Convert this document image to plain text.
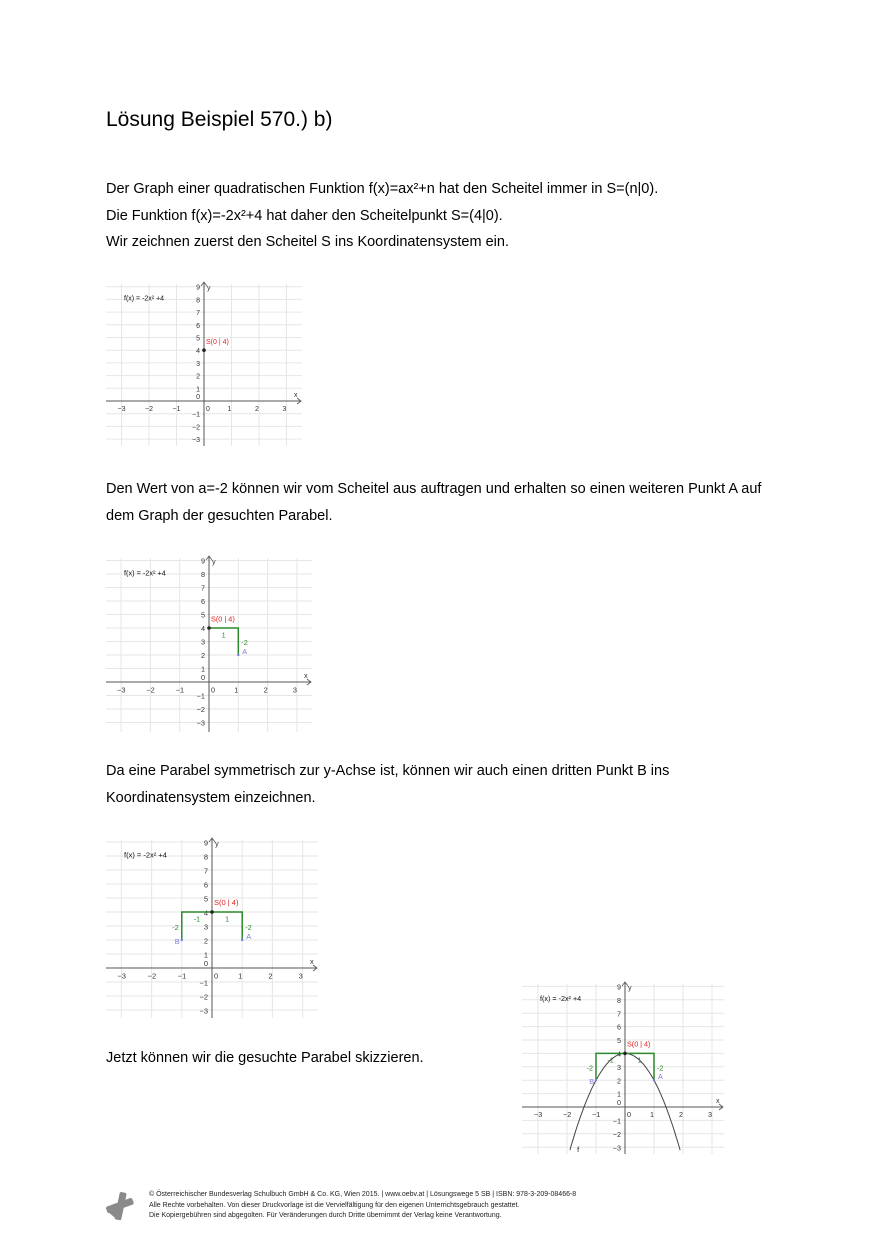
Lösung Beispiel 570.) b)

Der Graph einer quadratischen Funktion f(x)=ax²+n hat den Scheitel immer in S=(n|0).
Die Funktion f(x)=-2x²+4 hat daher den Scheitelpunkt S=(4|0).
Wir zeichnen zuerst den Scheitel S ins Koordinatensystem ein.

−3	−2	−1	0	1	2	3
9
8
7
6
5
4
3
2
1
−1
−2
−3
0	x
y
f(x) = -2x² +4
S(0 | 4)

Den Wert von a=-2 können wir vom Scheitel aus auftragen und erhalten so einen weiteren Punkt A auf
dem Graph der gesuchten Parabel.

−3	−2	−1	0	1	2	3
9
8
7
6
5
4
3
2
1
−1
−2
−3
0	x
y
f(x) = -2x² +4
1
-2
S(0 | 4)
A

Da eine Parabel symmetrisch zur y-Achse ist, können wir auch einen dritten Punkt B ins
Koordinatensystem einzeichnen.

−3	−2	−1	0	1	2	3
9
8
7
6
5
4
3
2
1
−1
−2
−3
0	x
y
f(x) = -2x² +4
1
-2
-1
-2
S(0 | 4)
A
B

Jetzt können wir die gesuchte Parabel skizzieren.

−3	−2	−1	0	1	2	3
9
8
7
6
5
4
3
2
1
−1
−2
−3
0	x
y
f(x) = -2x² +4
f
1
-2
-1
-2
S(0 | 4)
A
B
© Österreichischer Bundesverlag Schulbuch GmbH & Co. KG, Wien 2015. | www.oebv.at | Lösungswege 5 SB | ISBN: 978-3-209-08466-8
Alle Rechte vorbehalten. Von dieser Druckvorlage ist die Vervielfältigung für den eigenen Unterrichtsgebrauch gestattet.
Die Kopiergebühren sind abgegolten. Für Veränderungen durch Dritte übernimmt der Verlag keine Verantwortung.
